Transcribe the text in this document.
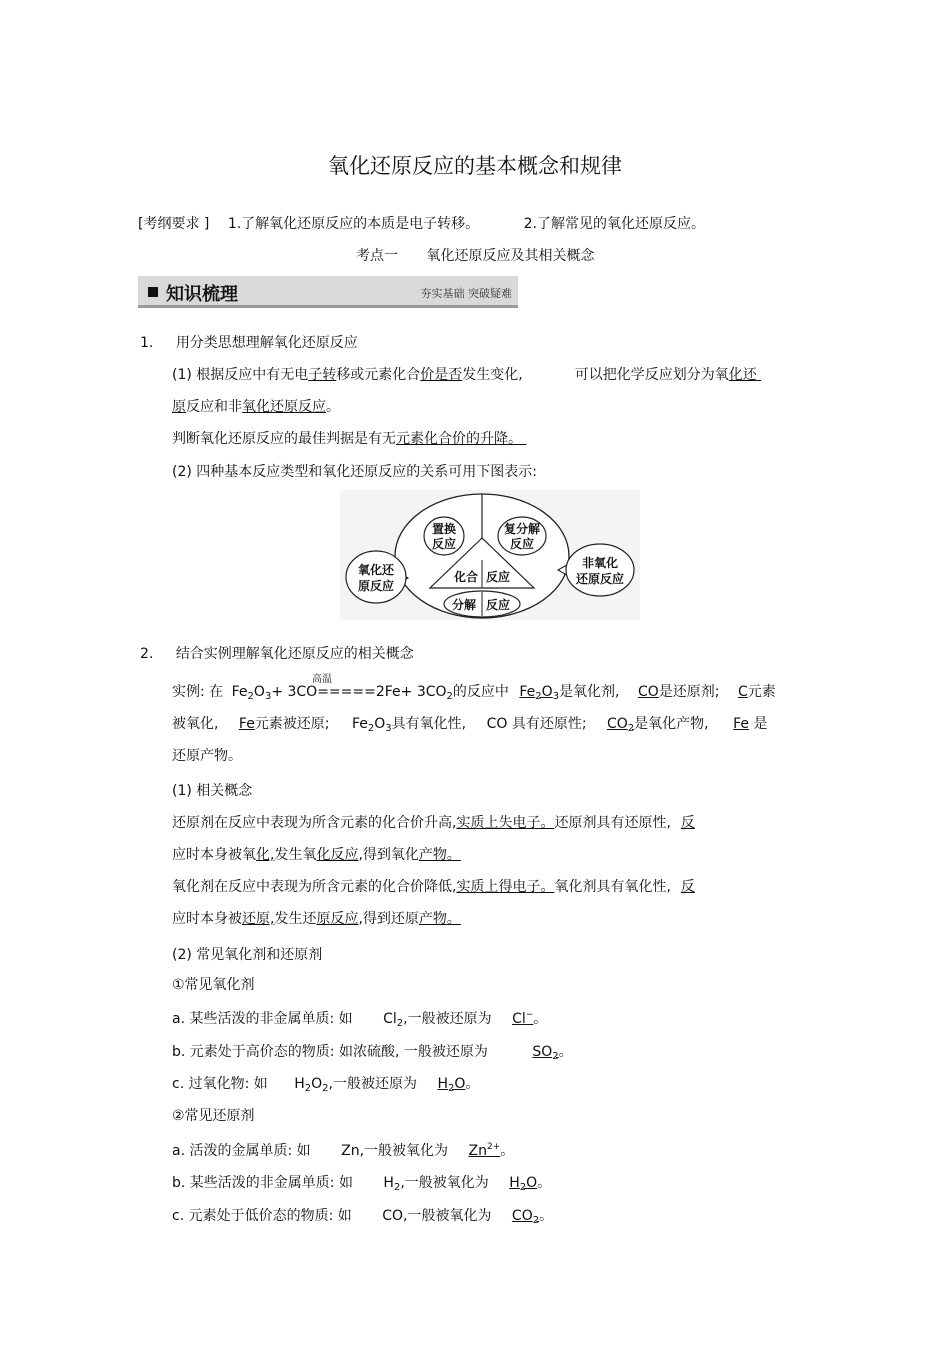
氧化还原反应的基本概念和规律
[考纲要求 ] 1.了解氧化还原反应的本质是电子转移。	2.了解常见的氧化还原反应。
考点一 氧化还原反应及其相关概念
知识梳理	夯实基础 突破疑难
1. 用分类思想理解氧化还原反应
(1) 根据反应中有无电子转移或元素化合价是否发生变化,	可以把化学反应划分为氧化还
原反应和非氧化还原反应。
判断氧化还原反应的最佳判据是有无元素化合价的升降。
(2) 四种基本反应类型和氧化还原反应的关系可用下图表示:
置换
反应
复分解
反应
化合 反应
分解 反应
氧化还
原反应
非氧化
还原反应
2. 结合实例理解氧化还原反应的相关概念
高温
实例: 在 $Fe_2O_3+ 3CO=====2Fe+ 3CO_2$的反应中 $Fe_2O_3$是氧化剂, CO是还原剂; C元素
被氧化, Fe元素被还原; $Fe_2O_3$具有氧化性, CO 具有还原性; $CO_2$是氧化产物, Fe 是
还原产物。
(1) 相关概念
还原剂在反应中表现为所含元素的化合价升高,实质上失电子。还原剂具有还原性, 反
应时本身被氧化,发生氧化反应,得到氧化产物。
氧化剂在反应中表现为所含元素的化合价降低,实质上得电子。氧化剂具有氧化性, 反
应时本身被还原,发生还原反应,得到还原产物。
(2) 常见氧化剂和还原剂
①常见氧化剂
a. 某些活泼的非金属单质: 如 $Cl_2$,一般被还原为 Cl−。
b. 元素处于高价态的物质: 如浓硫酸, 一般被还原为	$SO_2$。
c. 过氧化物: 如 $H_2O_2$,一般被还原为 $H_2O$。
②常见还原剂
a. 活泼的金属单质: 如 Zn,一般被氧化为 $Zn^{2+}$。
b. 某些活泼的非金属单质: 如 $H_2$,一般被氧化为 $H_2O$。
c. 元素处于低价态的物质: 如 CO,一般被氧化为 $CO_2$。
